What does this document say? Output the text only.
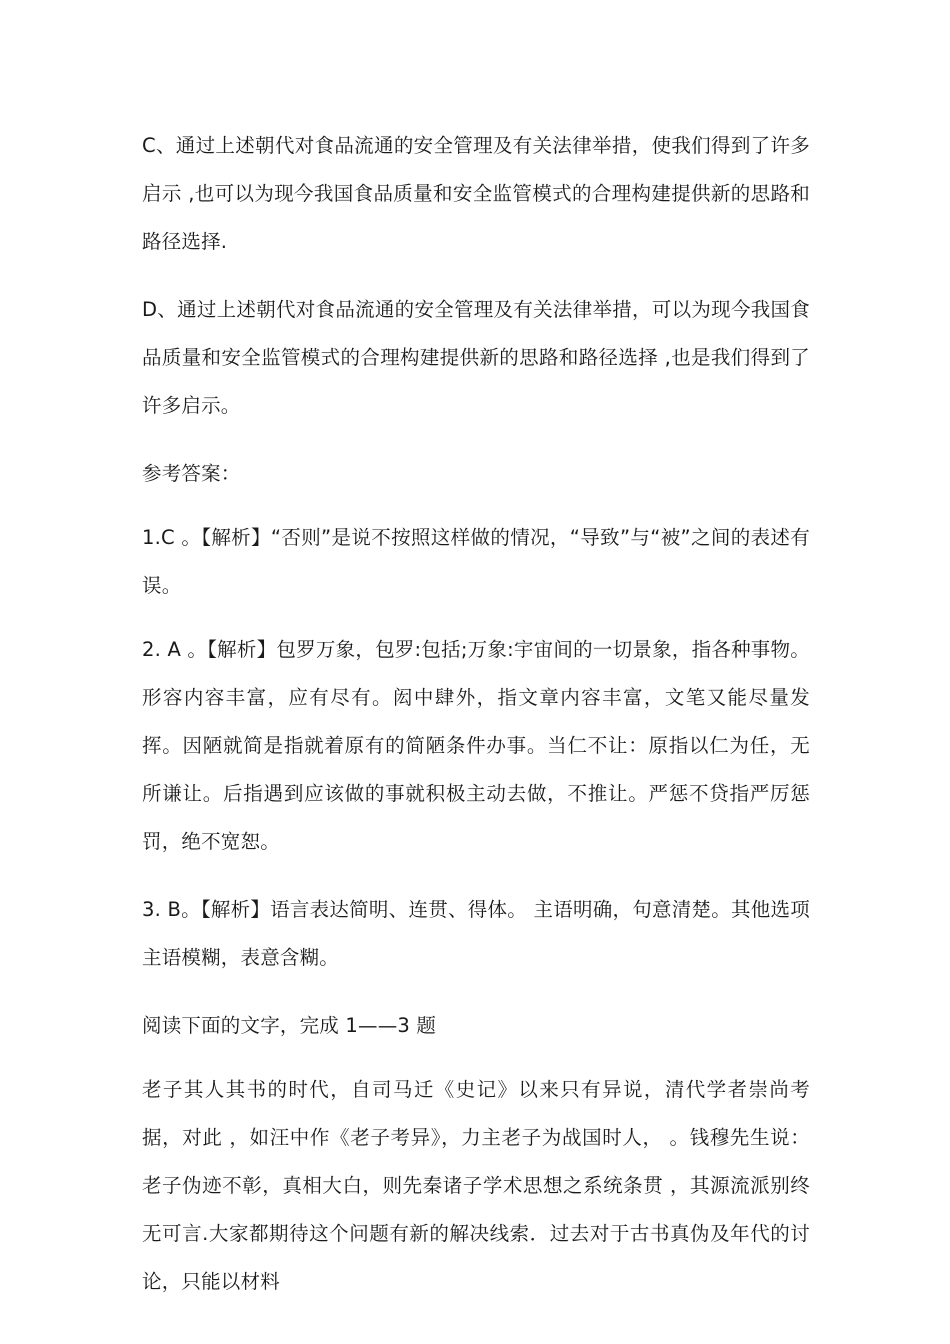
C、通过上述朝代对食品流通的安全管理及有关法律举措，使我们得到了许多启示 ,也可以为现今我国食品质量和安全监管模式的合理构建提供新的思路和路径选择.

D、通过上述朝代对食品流通的安全管理及有关法律举措，可以为现今我国食品质量和安全监管模式的合理构建提供新的思路和路径选择 ,也是我们得到了许多启示。

参考答案：

1.C 。【解析】“否则”是说不按照这样做的情况，“导致”与“被”之间的表述有误。

2. A 。【解析】包罗万象，包罗:包括;万象:宇宙间的一切景象，指各种事物。形容内容丰富，应有尽有。闳中肆外，指文章内容丰富，文笔又能尽量发挥。因陋就简是指就着原有的简陋条件办事。当仁不让：原指以仁为任，无所谦让。后指遇到应该做的事就积极主动去做，不推让。严惩不贷指严厉惩罚，绝不宽恕。

3. B。【解析】语言表达简明、连贯、得体。 主语明确，句意清楚。其他选项主语模糊，表意含糊。

阅读下面的文字，完成 1——3 题

老子其人其书的时代，自司马迁《史记》以来只有异说，清代学者崇尚考据，对此 ，如汪中作《老子考异》，力主老子为战国时人， 。钱穆先生说：老子伪迹不彰，真相大白，则先秦诸子学术思想之系统条贯 ，其源流派别终无可言.大家都期待这个问题有新的解决线索．过去对于古书真伪及年代的讨论，只能以材料
